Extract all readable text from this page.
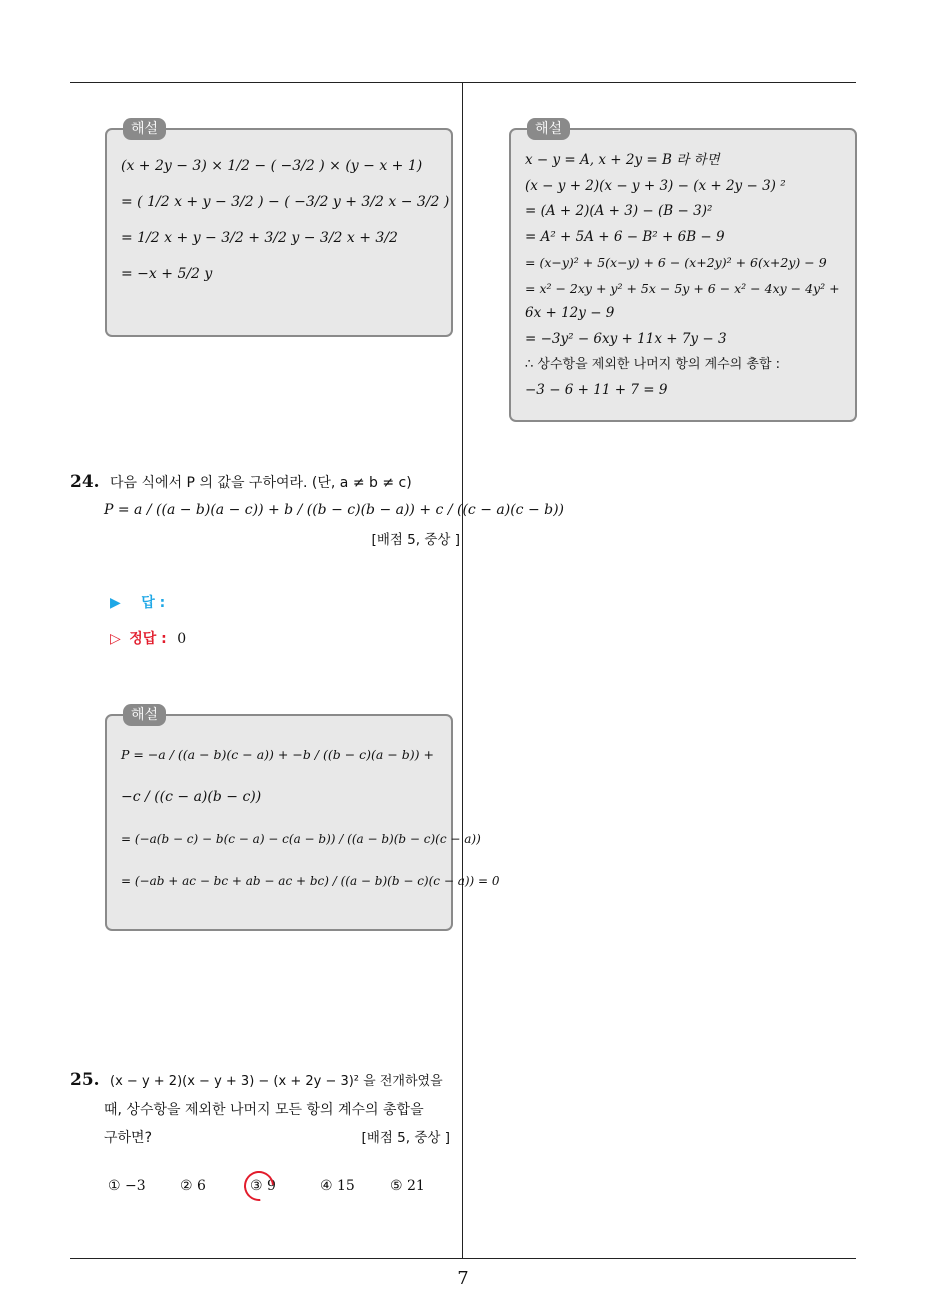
해설
(x + 2y − 3) × 1/2 − ( −3/2 ) × (y − x + 1)
= ( 1/2 x + y − 3/2 ) − ( −3/2 y + 3/2 x − 3/2 )
= 1/2 x + y − 3/2 + 3/2 y − 3/2 x + 3/2
= −x + 5/2 y
24. 다음 식에서 P 의 값을 구하여라. (단, a ≠ b ≠ c)
P = a / ((a − b)(a − c)) + b / ((b − c)(b − a)) + c / ((c − a)(c − b))
[배점 5, 중상 ]
▶ 답 :
▷ 정답 : 0
해설
P = −a / ((a − b)(c − a)) + −b / ((b − c)(a − b)) +
−c / ((c − a)(b − c))
= (−a(b − c) − b(c − a) − c(a − b)) / ((a − b)(b − c)(c − a))
= (−ab + ac − bc + ab − ac + bc) / ((a − b)(b − c)(c − a)) = 0
25. (x − y + 2)(x − y + 3) − (x + 2y − 3)² 을 전개하였을
때, 상수항을 제외한 나머지 모든 항의 계수의 총합을
구하면?	[배점 5, 중상 ]
① −3 ② 6	③ 9	④ 15	⑤ 21
해설
x − y = A, x + 2y = B 라 하면
(x − y + 2)(x − y + 3) − (x + 2y − 3) ²
= (A + 2)(A + 3) − (B − 3)²
= A² + 5A + 6 − B² + 6B − 9
= (x−y)² + 5(x−y) + 6 − (x+2y)² + 6(x+2y) − 9
= x² − 2xy + y² + 5x − 5y + 6 − x² − 4xy − 4y² +
6x + 12y − 9
= −3y² − 6xy + 11x + 7y − 3
∴ 상수항을 제외한 나머지 항의 계수의 총합 :
−3 − 6 + 11 + 7 = 9
7
